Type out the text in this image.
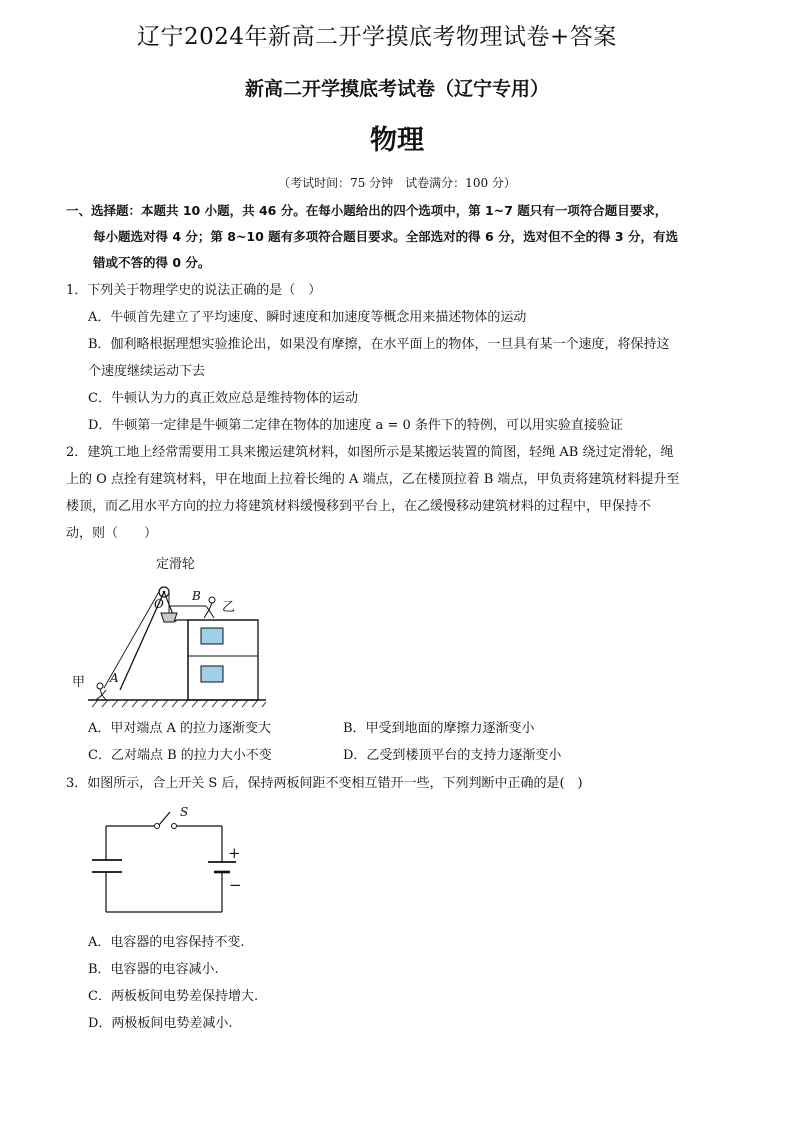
辽宁2024年新高二开学摸底考物理试卷+答案
新高二开学摸底考试卷（辽宁专用）
物理
（考试时间：75 分钟　试卷满分：100 分）
一、选择题：本题共 10 小题，共 46 分。在每小题给出的四个选项中，第 1~7 题只有一项符合题目要求，
每小题选对得 4 分；第 8~10 题有多项符合题目要求。全部选对的得 6 分，选对但不全的得 3 分，有选
错或不答的得 0 分。
1．下列关于物理学史的说法正确的是（　）
A．牛顿首先建立了平均速度、瞬时速度和加速度等概念用来描述物体的运动
B．伽利略根据理想实验推论出，如果没有摩擦，在水平面上的物体，一旦具有某一个速度，将保持这
个速度继续运动下去
C．牛顿认为力的真正效应总是维持物体的运动
D．牛顿第一定律是牛顿第二定律在物体的加速度 a = 0 条件下的特例，可以用实验直接验证
2．建筑工地上经常需要用工具来搬运建筑材料，如图所示是某搬运装置的简图，轻绳 AB 绕过定滑轮，绳
上的 O 点拴有建筑材料，甲在地面上拉着长绳的 A 端点，乙在楼顶拉着 B 端点，甲负责将建筑材料提升至
楼顶，而乙用水平方向的拉力将建筑材料缓慢移到平台上，在乙缓慢移动建筑材料的过程中，甲保持不
动，则（　　）
定滑轮
O
B
乙
甲 A
A．甲对端点 A 的拉力逐渐变大	B．甲受到地面的摩擦力逐渐变小
C．乙对端点 B 的拉力大小不变	D．乙受到楼顶平台的支持力逐渐变小
3．如图所示，合上开关 S 后，保持两板间距不变相互错开一些，下列判断中正确的是(　)
S
+
−
A．电容器的电容保持不变.
B．电容器的电容减小.
C．两板板间电势差保持增大.
D．两极板间电势差减小.
